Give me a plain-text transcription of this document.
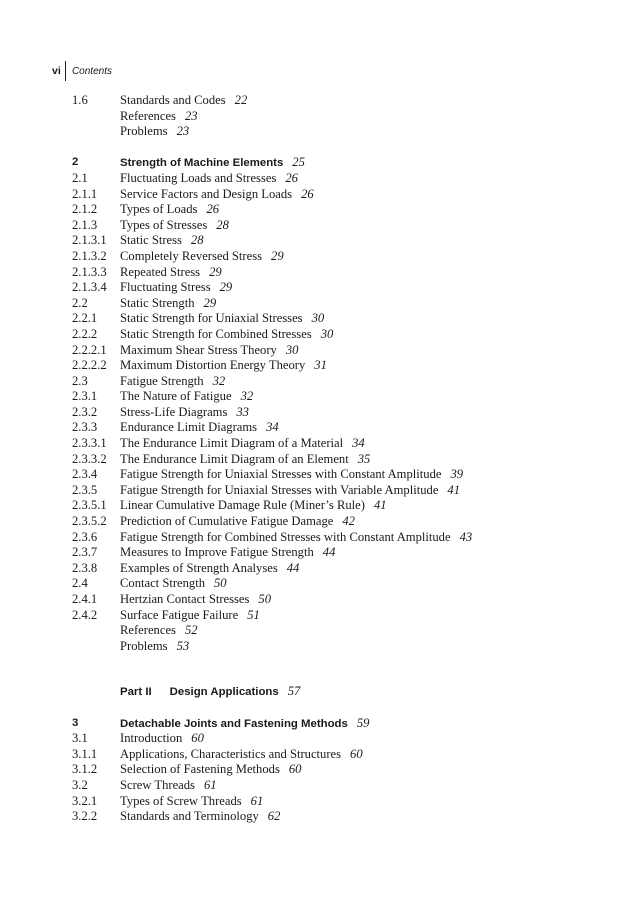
vi	Contents
1.6	Standards and Codes 22
References 23
Problems 23
2	Strength of Machine Elements 25
2.1	Fluctuating Loads and Stresses 26
2.1.1 Service Factors and Design Loads 26
2.1.2 Types of Loads 26
2.1.3 Types of Stresses 28
2.1.3.1 Static Stress 28
2.1.3.2 Completely Reversed Stress 29
2.1.3.3 Repeated Stress 29
2.1.3.4 Fluctuating Stress 29
2.2	Static Strength 29
2.2.1 Static Strength for Uniaxial Stresses 30
2.2.2 Static Strength for Combined Stresses 30
2.2.2.1 Maximum Shear Stress Theory 30
2.2.2.2 Maximum Distortion Energy Theory 31
2.3	Fatigue Strength 32
2.3.1 The Nature of Fatigue 32
2.3.2 Stress-Life Diagrams 33
2.3.3 Endurance Limit Diagrams 34
2.3.3.1 The Endurance Limit Diagram of a Material 34
2.3.3.2 The Endurance Limit Diagram of an Element 35
2.3.4 Fatigue Strength for Uniaxial Stresses with Constant Amplitude 39
2.3.5 Fatigue Strength for Uniaxial Stresses with Variable Amplitude 41
2.3.5.1 Linear Cumulative Damage Rule (Miner’s Rule) 41
2.3.5.2 Prediction of Cumulative Fatigue Damage 42
2.3.6 Fatigue Strength for Combined Stresses with Constant Amplitude 43
2.3.7 Measures to Improve Fatigue Strength 44
2.3.8 Examples of Strength Analyses 44
2.4	Contact Strength 50
2.4.1 Hertzian Contact Stresses 50
2.4.2 Surface Fatigue Failure 51
References 52
Problems 53
Part II Design Applications 57
3	Detachable Joints and Fastening Methods 59
3.1	Introduction 60
3.1.1 Applications, Characteristics and Structures 60
3.1.2 Selection of Fastening Methods 60
3.2	Screw Threads 61
3.2.1 Types of Screw Threads 61
3.2.2 Standards and Terminology 62
